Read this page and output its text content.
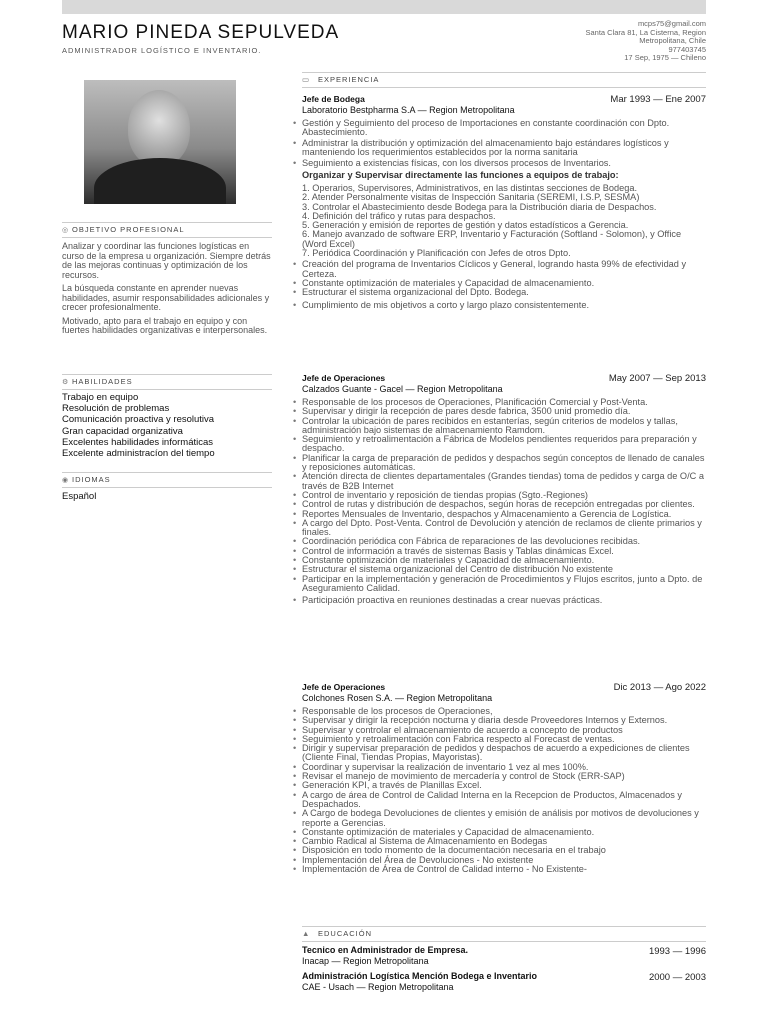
MARIO PINEDA SEPULVEDA
ADMINISTRADOR LOGÍSTICO E INVENTARIO.
mcps75@gmail.com
Santa Clara 81, La Cisterna, Region
Metropolitana, Chile
977403745
17 Sep, 1975 — Chileno
◎ OBJETIVO PROFESIONAL

Analizar y coordinar las funciones logísticas en curso de la empresa u organización. Siempre detrás de las mejoras continuas y optimización de los recursos.

La búsqueda constante en aprender nuevas habilidades, asumir responsabilidades adicionales y crecer profesionalmente.

Motivado, apto para el trabajo en equipo y con fuertes habilidades organizativas e interpersonales.

⚙ HABILIDADES
Trabajo en equipo
Resolución de problemas
Comunicación proactiva y resolutiva
Gran capacidad organizativa
Excelentes habilidades informáticas
Excelente administracíon del tiempo
◉ IDIOMAS
Español
▭ EXPERIENCIA
Jefe de Bodega	Mar 1993 — Ene 2007
Laboratorio Bestpharma S.A — Region Metropolitana
• Gestión y Seguimiento del proceso de Importaciones en constante coordinación con Dpto. Abastecimiento.
• Administrar la distribución y optimización del almacenamiento bajo estándares logísticos y manteniendo los requerimientos establecidos por la norma sanitaria
• Seguimiento a existencias físicas, con los diversos procesos de Inventarios.
Organizar y Supervisar directamente las funciones a equipos de trabajo:
1. Operarios, Supervisores, Administrativos, en las distintas secciones de Bodega.
2. Atender Personalmente visitas de Inspección Sanitaria (SEREMI, I.S.P, SESMA)
3. Controlar el Abastecimiento desde Bodega para la Distribución diaria de Despachos.
4. Definición del tráfico y rutas para despachos.
5. Generación y emisión de reportes de gestión y datos estadísticos a Gerencia.
6. Manejo avanzado de software ERP, Inventario y Facturación (Softland - Solomon), y Office (Word Excel)
7. Periódica Coordinación y Planificación con Jefes de otros Dpto.
• Creación del programa de Inventarios Cíclicos y General, logrando hasta 99% de efectividad y Certeza.
• Constante optimización de materiales y Capacidad de almacenamiento.
• Estructurar el sistema organizacional del Dpto. Bodega.
• Cumplimiento de mis objetivos a corto y largo plazo consistentemente.
Jefe de Operaciones	May 2007 — Sep 2013
Calzados Guante - Gacel — Region Metropolitana
• Responsable de los procesos de Operaciones, Planificación Comercial y Post-Venta.
• Supervisar y dirigir la recepción de pares desde fabrica, 3500 unid promedio día.
• Controlar la ubicación de pares recibidos en estanterías, según criterios de modelos y tallas, administración bajo sistemas de almacenamiento Ramdom.
• Seguimiento y retroalimentación a Fábrica de Modelos pendientes requeridos para preparación y despacho.
• Planificar la carga de preparación de pedidos y despachos según conceptos de llenado de canales y reposiciones automáticas.
• Atención directa de clientes departamentales (Grandes tiendas) toma de pedidos y carga de O/C a través de B2B Internet
• Control de inventario y reposición de tiendas propias (Sgto.-Regiones)
• Control de rutas y distribución de despachos, según horas de recepción entregadas por clientes.
• Reportes Mensuales de Inventario, despachos y Almacenamiento a Gerencia de Logística.
• A cargo del Dpto. Post-Venta. Control de Devolución y atención de reclamos de cliente primarios y finales.
• Coordinación periódica con Fábrica de reparaciones de las devoluciones recibidas.
• Control de información a través de sistemas Basis y Tablas dinámicas Excel.
• Constante optimización de materiales y Capacidad de almacenamiento.
• Estructurar el sistema organizacional del Centro de distribución No existente
• Participar en la implementación y generación de Procedimientos y Flujos escritos, junto a Dpto. de Aseguramiento Calidad.
• Participación proactiva en reuniones destinadas a crear nuevas prácticas.
Jefe de Operaciones	Dic 2013 — Ago 2022
Colchones Rosen S.A. — Region Metropolitana
• Responsable de los procesos de Operaciones,
• Supervisar y dirigir la recepción nocturna y diaria desde Proveedores Internos y Externos.
• Supervisar y controlar el almacenamiento de acuerdo a concepto de productos
• Seguimiento y retroalimentación con Fabrica respecto al Forecast de ventas.
• Dirigir y supervisar preparación de pedidos y despachos de acuerdo a expediciones de clientes (Cliente Final, Tiendas Propias, Mayoristas).
• Coordinar y supervisar la realización de inventario 1 vez al mes 100%.
• Revisar el manejo de movimiento de mercadería y control de Stock (ERR-SAP)
• Generación KPI, a través de Planillas Excel.
• A cargo de área de Control de Calidad Interna en la Recepcion de Productos, Almacenados y Despachados.
• A Cargo de bodega Devoluciones de clientes y emisión de análisis por motivos de devoluciones y reporte a Gerencias.
• Constante optimización de materiales y Capacidad de almacenamiento.
• Cambio Radical al Sistema de Almacenamiento en Bodegas
• Disposición en todo momento de la documentación necesaria en el trabajo
• Implementación del Área de Devoluciones - No existente
• Implementación de Área de Control de Calidad interno - No Existente-
▲ EDUCACIÓN
Tecnico en Administrador de Empresa.	1993 — 1996
Inacap — Region Metropolitana
Administración Logística Mención Bodega e Inventario	2000 — 2003
CAE - Usach — Region Metropolitana
